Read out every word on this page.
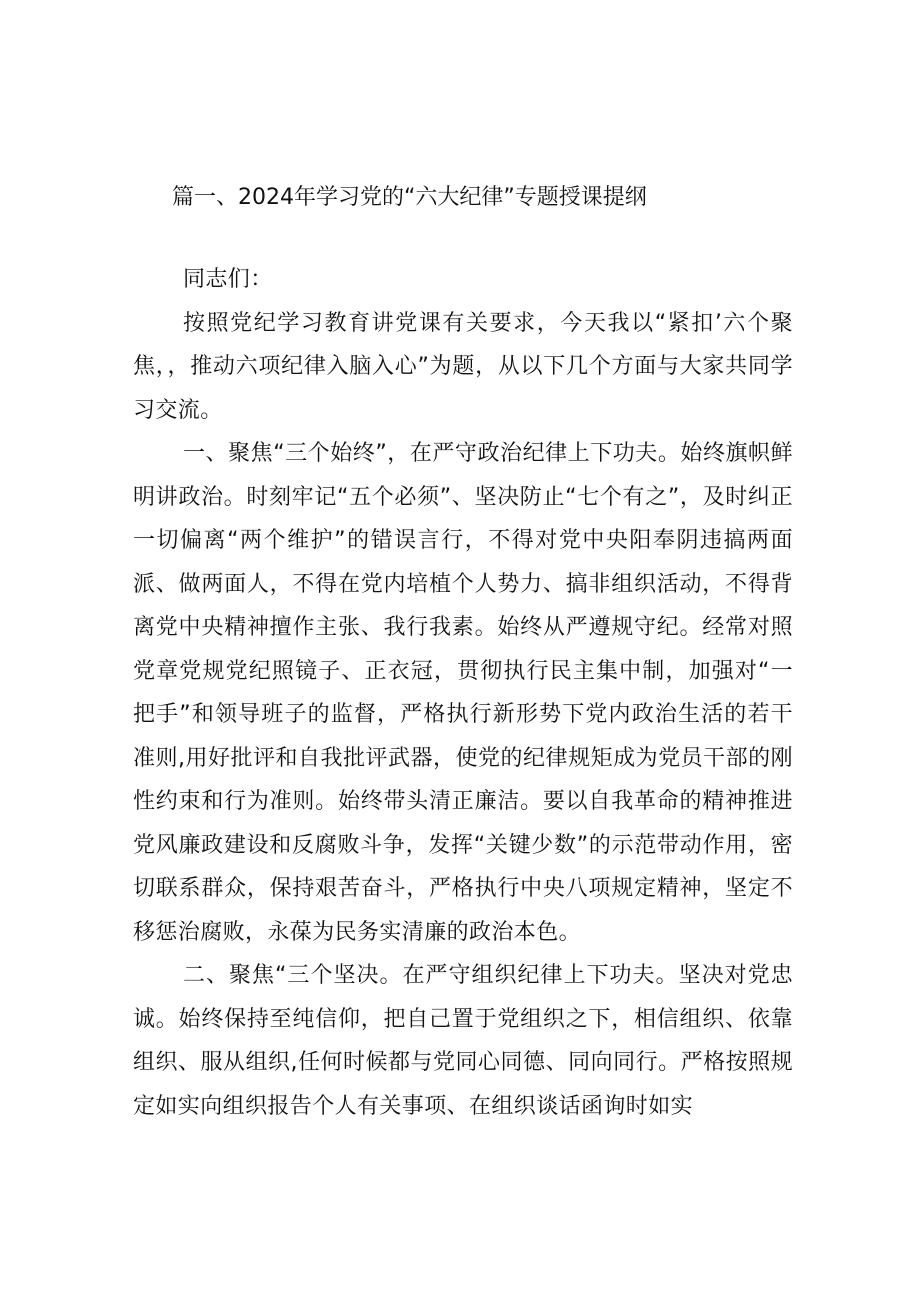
篇一、2024年学习党的“六大纪律”专题授课提纲

同志们：

按照党纪学习教育讲党课有关要求，今天我以“紧扣’六个聚焦，，推动六项纪律入脑入心”为题，从以下几个方面与大家共同学习交流。

一、聚焦“三个始终”，在严守政治纪律上下功夫。始终旗帜鲜明讲政治。时刻牢记“五个必须”、坚决防止“七个有之”，及时纠正一切偏离“两个维护”的错误言行，不得对党中央阳奉阴违搞两面派、做两面人，不得在党内培植个人势力、搞非组织活动，不得背离党中央精神擅作主张、我行我素。始终从严遵规守纪。经常对照党章党规党纪照镜子、正衣冠，贯彻执行民主集中制，加强对“一把手”和领导班子的监督，严格执行新形势下党内政治生活的若干准则,用好批评和自我批评武器，使党的纪律规矩成为党员干部的刚性约束和行为准则。始终带头清正廉洁。要以自我革命的精神推进党风廉政建设和反腐败斗争，发挥“关键少数”的示范带动作用，密切联系群众，保持艰苦奋斗，严格执行中央八项规定精神，坚定不移惩治腐败，永葆为民务实清廉的政治本色。

二、聚焦“三个坚决。在严守组织纪律上下功夫。坚决对党忠诚。始终保持至纯信仰，把自己置于党组织之下，相信组织、依靠组织、服从组织,任何时候都与党同心同德、同向同行。严格按照规定如实向组织报告个人有关事项、在组织谈话函询时如实
